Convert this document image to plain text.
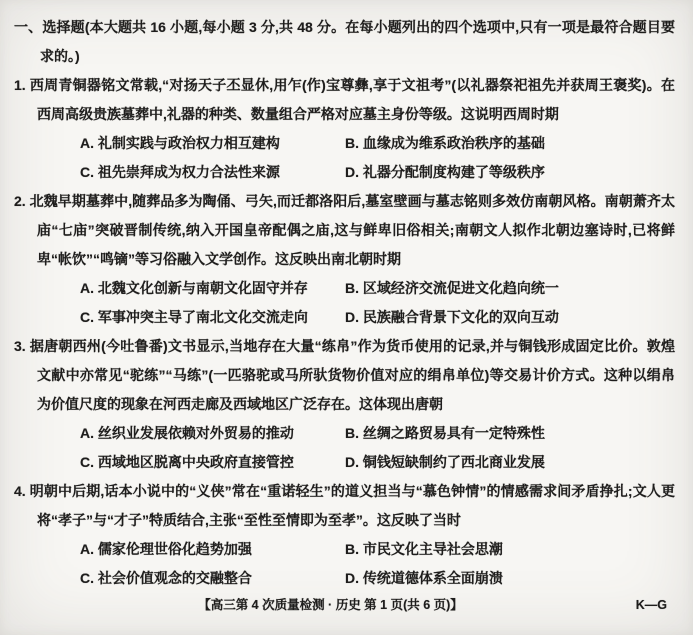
一、选择题(本大题共 16 小题,每小题 3 分,共 48 分。在每小题列出的四个选项中,只有一项是最符合题目要求的。)

1. 西周青铜器铭文常载,“对扬天子丕显休,用乍(作)宝尊彝,享于文祖考”(以礼器祭祀祖先并获周王褒奖)。在西周高级贵族墓葬中,礼器的种类、数量组合严格对应墓主身份等级。这说明西周时期

A. 礼制实践与政治权力相互建构	B. 血缘成为维系政治秩序的基础
C. 祖先崇拜成为权力合法性来源	D. 礼器分配制度构建了等级秩序

2. 北魏早期墓葬中,随葬品多为陶俑、弓矢,而迁都洛阳后,墓室壁画与墓志铭则多效仿南朝风格。南朝萧齐太庙“七庙”突破晋制传统,纳入开国皇帝配偶之庙,这与鲜卑旧俗相关;南朝文人拟作北朝边塞诗时,已将鲜卑“帐饮”“鸣镝”等习俗融入文学创作。这反映出南北朝时期

A. 北魏文化创新与南朝文化固守并存	B. 区域经济交流促进文化趋向统一
C. 军事冲突主导了南北文化交流走向	D. 民族融合背景下文化的双向互动

3. 据唐朝西州(今吐鲁番)文书显示,当地存在大量“练帛”作为货币使用的记录,并与铜钱形成固定比价。敦煌文献中亦常见“驼练”“马练”(一匹骆驼或马所驮货物价值对应的绢帛单位)等交易计价方式。这种以绢帛为价值尺度的现象在河西走廊及西域地区广泛存在。这体现出唐朝

A. 丝织业发展依赖对外贸易的推动	B. 丝绸之路贸易具有一定特殊性
C. 西域地区脱离中央政府直接管控	D. 铜钱短缺制约了西北商业发展

4. 明朝中后期,话本小说中的“义侠”常在“重诺轻生”的道义担当与“慕色钟情”的情感需求间矛盾挣扎;文人更将“孝子”与“才子”特质结合,主张“至性至情即为至孝”。这反映了当时

A. 儒家伦理世俗化趋势加强	B. 市民文化主导社会思潮
C. 社会价值观念的交融整合	D. 传统道德体系全面崩溃
【高三第 4 次质量检测 · 历史 第 1 页(共 6 页)】	K—G
